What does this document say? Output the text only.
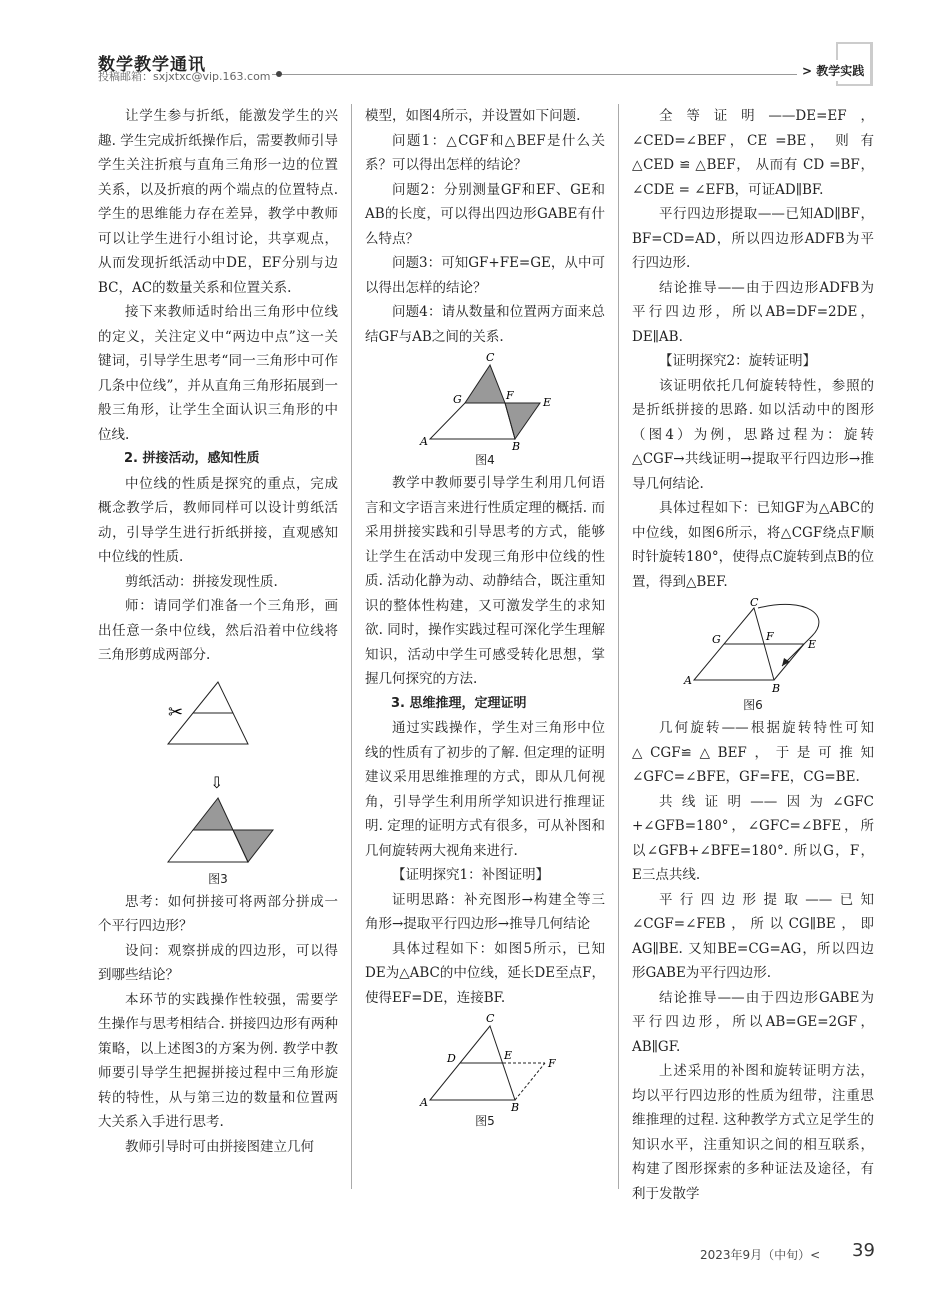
数学教学通讯
投稿邮箱：sxjxtxc@vip.163.com	> 教学实践

让学生参与折纸，能激发学生的兴趣. 学生完成折纸操作后，需要教师引导学生关注折痕与直角三角形一边的位置关系，以及折痕的两个端点的位置特点. 学生的思维能力存在差异，教学中教师可以让学生进行小组讨论，共享观点，从而发现折纸活动中DE，EF分别与边BC，AC的数量关系和位置关系.

接下来教师适时给出三角形中位线的定义，关注定义中“两边中点”这一关键词，引导学生思考“同一三角形中可作几条中位线”，并从直角三角形拓展到一般三角形，让学生全面认识三角形的中位线.

2. 拼接活动，感知性质

中位线的性质是探究的重点，完成概念教学后，教师同样可以设计剪纸活动，引导学生进行折纸拼接，直观感知中位线的性质.

剪纸活动：拼接发现性质.

师：请同学们准备一个三角形，画出任意一条中位线，然后沿着中位线将三角形剪成两部分.

✂
⇩
图3

思考：如何拼接可将两部分拼成一个平行四边形？

设问：观察拼成的四边形，可以得到哪些结论？

本环节的实践操作性较强，需要学生操作与思考相结合. 拼接四边形有两种策略，以上述图3的方案为例. 教学中教师要引导学生把握拼接过程中三角形旋转的特性，从与第三边的数量和位置两大关系入手进行思考.

教师引导时可由拼接图建立几何

模型，如图4所示，并设置如下问题.

问题1：△CGF和△BEF是什么关系？可以得出怎样的结论？

问题2：分别测量GF和EF、GE和AB的长度，可以得出四边形GABE有什么特点？

问题3：可知GF+FE=GE，从中可以得出怎样的结论？

问题4：请从数量和位置两方面来总结GF与AB之间的关系.

C
G	F
E
A	B
图4

教学中教师要引导学生利用几何语言和文字语言来进行性质定理的概括. 而采用拼接实践和引导思考的方式，能够让学生在活动中发现三角形中位线的性质. 活动化静为动、动静结合，既注重知识的整体性构建，又可激发学生的求知欲. 同时，操作实践过程可深化学生理解知识，活动中学生可感受转化思想，掌握几何探究的方法.

3. 思维推理，定理证明

通过实践操作，学生对三角形中位线的性质有了初步的了解. 但定理的证明建议采用思维推理的方式，即从几何视角，引导学生利用所学知识进行推理证明. 定理的证明方式有很多，可从补图和几何旋转两大视角来进行.

【证明探究1：补图证明】

证明思路：补充图形→构建全等三角形→提取平行四边形→推导几何结论

具体过程如下：如图5所示，已知DE为△ABC的中位线，延长DE至点F，使得EF=DE，连接BF.

C
D	E
F
A	B
图5

全等证明——DE=EF，∠CED=∠BEF，CE =BE， 则 有 △CED ≌ △BEF， 从而有 CD =BF，∠CDE = ∠EFB，可证AD∥BF.

平行四边形提取——已知AD∥BF，BF=CD=AD，所以四边形ADFB为平行四边形.

结论推导——由于四边形ADFB为平行四边形，所以AB=DF=2DE，DE∥AB.

【证明探究2：旋转证明】

该证明依托几何旋转特性，参照的是折纸拼接的思路. 如以活动中的图形（图4）为例，思路过程为：旋转△CGF→共线证明→提取平行四边形→推导几何结论.

具体过程如下：已知GF为△ABC的中位线，如图6所示，将△CGF绕点F顺时针旋转180°，使得点C旋转到点B的位置，得到△BEF.

C
G	F
E
A
B
图6

几何旋转——根据旋转特性可知△CGF≌△BEF，于是可推知∠GFC=∠BFE，GF=FE，CG=BE.

共线证明——因为∠GFC +∠GFB=180°，∠GFC=∠BFE，所以∠GFB+∠BFE=180°. 所以G，F，E三点共线.

平行四边形提取——已知∠CGF=∠FEB，所以CG∥BE，即AG∥BE. 又知BE=CG=AG，所以四边形GABE为平行四边形.

结论推导——由于四边形GABE为平行四边形，所以AB=GE=2GF，AB∥GF.

上述采用的补图和旋转证明方法，均以平行四边形的性质为纽带，注重思维推理的过程. 这种教学方式立足学生的知识水平，注重知识之间的相互联系，构建了图形探索的多种证法及途径，有利于发散学

2023年9月（中旬）< 39
